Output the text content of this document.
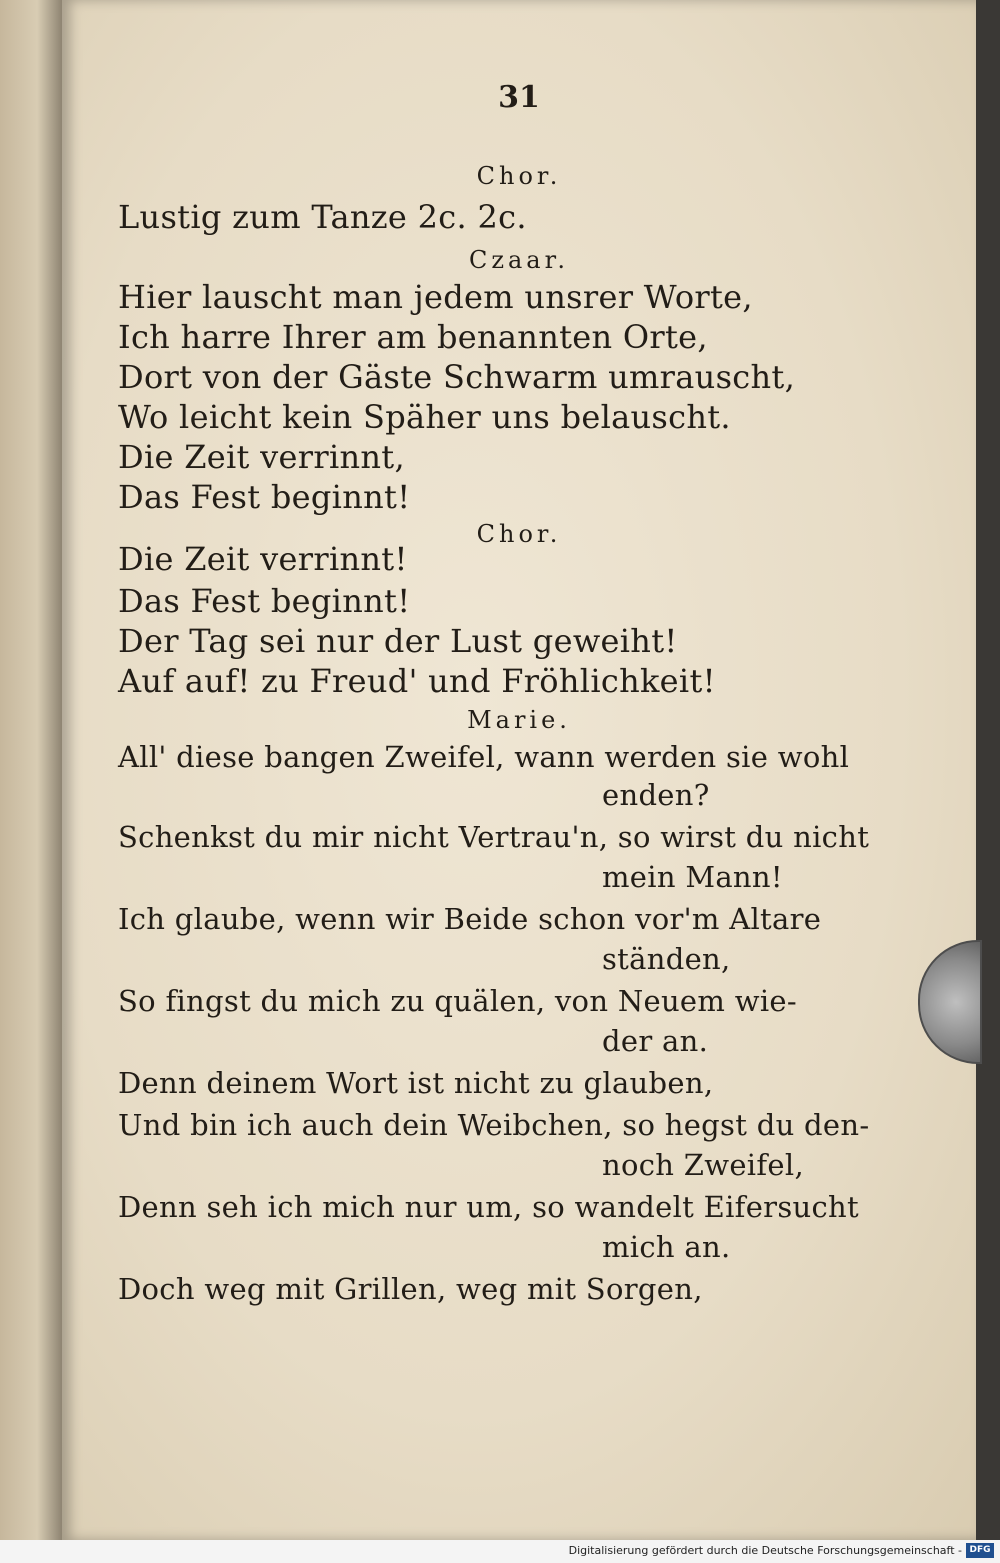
31
Chor.
Lustig zum Tanze 2c. 2c.
Czaar.
Hier lauscht man jedem unsrer Worte,
Ich harre Ihrer am benannten Orte,
Dort von der Gäste Schwarm umrauscht,
Wo leicht kein Späher uns belauscht.
Die Zeit verrinnt,
Das Fest beginnt!
Chor.
Die Zeit verrinnt!
Das Fest beginnt!
Der Tag sei nur der Lust geweiht!
Auf auf! zu Freud' und Fröhlichkeit!
Marie.
All' diese bangen Zweifel, wann werden sie wohl
enden?
Schenkst du mir nicht Vertrau'n, so wirst du nicht
mein Mann!
Ich glaube, wenn wir Beide schon vor'm Altare
ständen,
So fingst du mich zu quälen, von Neuem wie-
der an.
Denn deinem Wort ist nicht zu glauben,
Und bin ich auch dein Weibchen, so hegst du den-
noch Zweifel,
Denn seh ich mich nur um, so wandelt Eifersucht
mich an.
Doch weg mit Grillen, weg mit Sorgen,
Digitalisierung gefördert durch die Deutsche Forschungsgemeinschaft - DFG
